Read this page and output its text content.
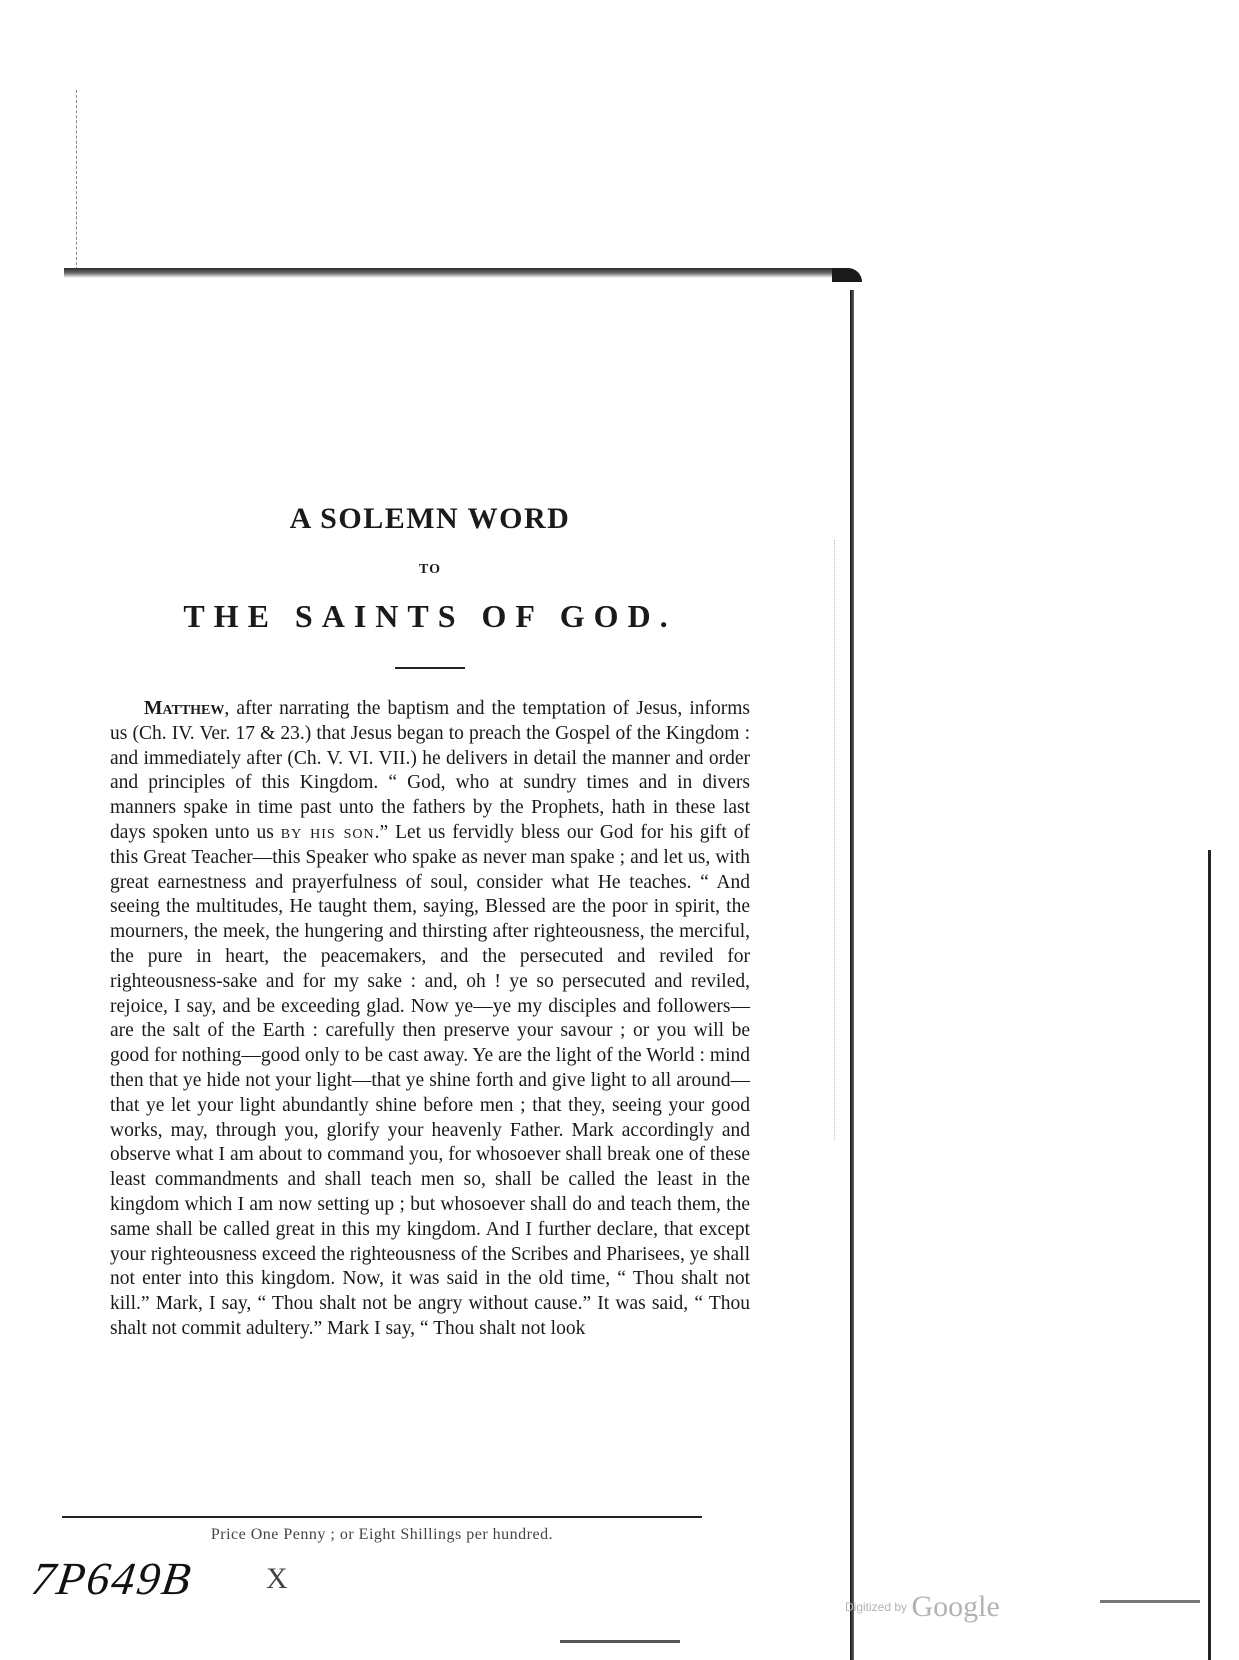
A SOLEMN WORD
TO
THE SAINTS OF GOD.

Matthew, after narrating the baptism and the temptation of Jesus, informs us (Ch. IV. Ver. 17 & 23.) that Jesus began to preach the Gospel of the Kingdom : and immediately after (Ch. V. VI. VII.) he delivers in detail the manner and order and principles of this Kingdom. “ God, who at sundry times and in divers manners spake in time past unto the fathers by the Prophets, hath in these last days spoken unto us by his son.” Let us fervidly bless our God for his gift of this Great Teacher—this Speaker who spake as never man spake ; and let us, with great earnestness and prayerfulness of soul, consider what He teaches. “ And seeing the multitudes, He taught them, saying, Blessed are the poor in spirit, the mourners, the meek, the hungering and thirsting after righteousness, the merciful, the pure in heart, the peacemakers, and the persecuted and reviled for righteousness-sake and for my sake : and, oh ! ye so persecuted and reviled, rejoice, I say, and be exceeding glad. Now ye—ye my disciples and followers—are the salt of the Earth : carefully then preserve your savour ; or you will be good for nothing—good only to be cast away. Ye are the light of the World : mind then that ye hide not your light—that ye shine forth and give light to all around—that ye let your light abundantly shine before men ; that they, seeing your good works, may, through you, glorify your heavenly Father. Mark accordingly and observe what I am about to command you, for whosoever shall break one of these least commandments and shall teach men so, shall be called the least in the kingdom which I am now setting up ; but whosoever shall do and teach them, the same shall be called great in this my kingdom. And I further declare, that except your righteousness exceed the righteousness of the Scribes and Pharisees, ye shall not enter into this kingdom. Now, it was said in the old time, “ Thou shalt not kill.” Mark, I say, “ Thou shalt not be angry without cause.” It was said, “ Thou shalt not commit adultery.” Mark I say, “ Thou shalt not look

Price One Penny ; or Eight Shillings per hundred.
7P649B X
Digitized by Google
